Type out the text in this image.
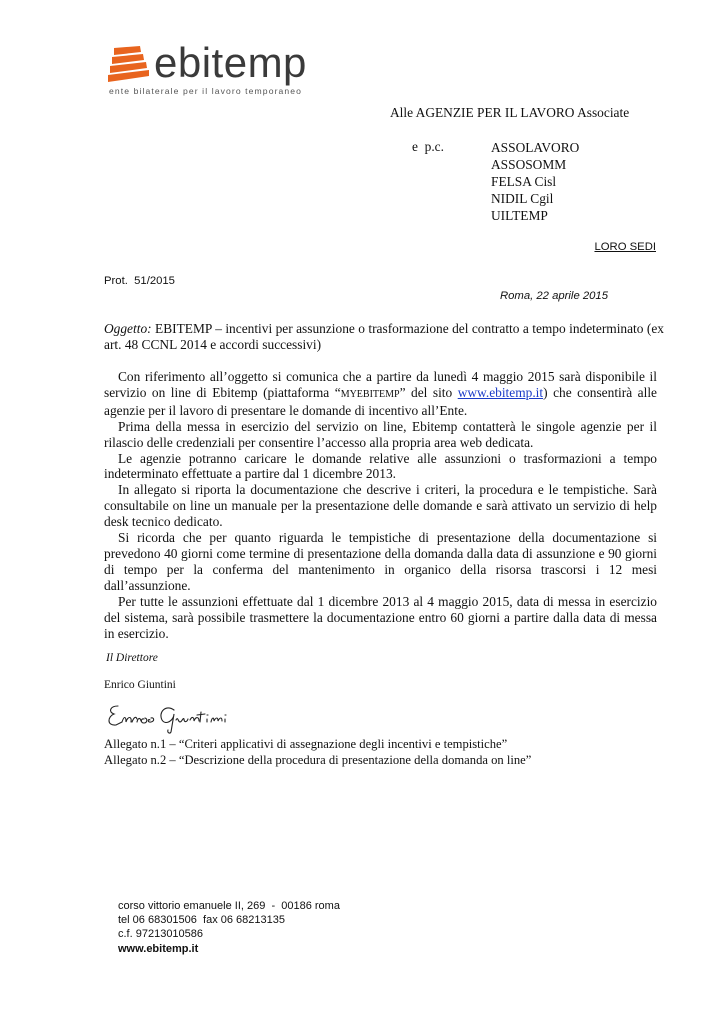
ebitemp
ente bilaterale per il lavoro temporaneo
Alle AGENZIE PER IL LAVORO Associate
e  p.c.	ASSOLAVORO
ASSOSOMM
FELSA Cisl
NIDIL Cgil
UILTEMP
LORO SEDI
Prot.  51/2015
Roma, 22 aprile 2015
Oggetto: EBITEMP – incentivi per assunzione o trasformazione del contratto a tempo indeterminato (ex art. 48 CCNL 2014 e accordi successivi)

Con riferimento all’oggetto si comunica che a partire da lunedì 4 maggio 2015 sarà disponibile il servizio on line di Ebitemp (piattaforma “MYEBITEMP” del sito www.ebitemp.it) che consentirà alle agenzie per il lavoro di presentare le domande di incentivo all’Ente.

Prima della messa in esercizio del servizio on line, Ebitemp contatterà le singole agenzie per il rilascio delle credenziali per consentire l’accesso alla propria area web dedicata.

Le agenzie potranno caricare le domande relative alle assunzioni o trasformazioni a tempo indeterminato effettuate a partire dal 1 dicembre 2013.

In allegato si riporta la documentazione che descrive i criteri, la procedura e le tempistiche. Sarà consultabile on line un manuale per la presentazione delle domande e sarà attivato un servizio di help desk tecnico dedicato.

Si ricorda che per quanto riguarda le tempistiche di presentazione della documentazione si prevedono 40 giorni come termine di presentazione della domanda dalla data di assunzione e 90 giorni di tempo per la conferma del mantenimento in organico della risorsa trascorsi i 12 mesi dall’assunzione.

Per tutte le assunzioni effettuate dal 1 dicembre 2013 al 4 maggio 2015, data di messa in esercizio del sistema, sarà possibile trasmettere la documentazione entro 60 giorni a partire dalla data di messa in esercizio.

Il Direttore
Enrico Giuntini
Allegato n.1 – “Criteri applicativi di assegnazione degli incentivi e tempistiche”
Allegato n.2 – “Descrizione della procedura di presentazione della domanda on line”
corso vittorio emanuele II, 269  -  00186 roma
tel 06 68301506  fax 06 68213135
c.f. 97213010586
www.ebitemp.it
